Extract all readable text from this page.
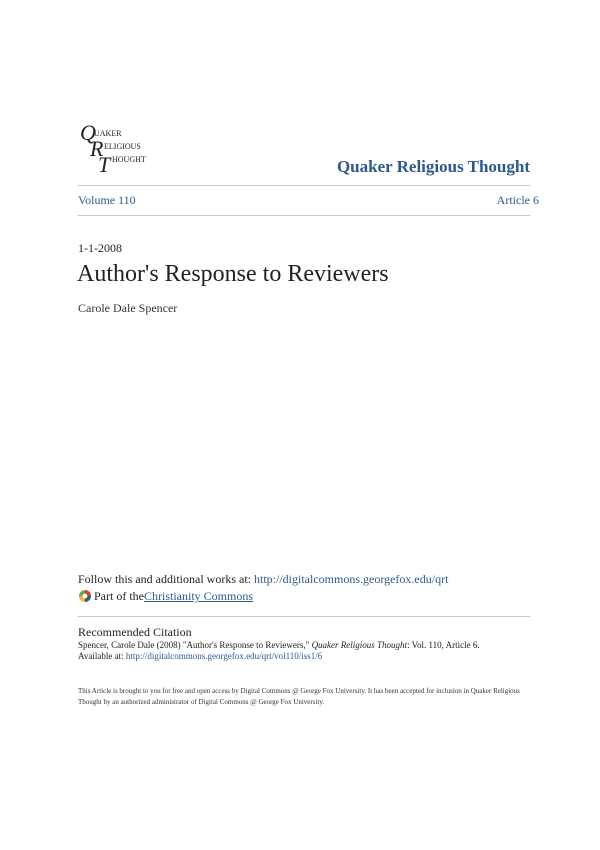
Q
UAKER
R ELIGIOUS
T HOUGHT	Quaker Religious Thought
Volume 110	Article 6
1-1-2008
Author's Response to Reviewers
Carole Dale Spencer
Follow this and additional works at: http://digitalcommons.georgefox.edu/qrt
Part of the Christianity Commons
Recommended Citation
Spencer, Carole Dale (2008) "Author's Response to Reviewers," Quaker Religious Thought: Vol. 110, Article 6.
Available at: http://digitalcommons.georgefox.edu/qrt/vol110/iss1/6
This Article is brought to you for free and open access by Digital Commons @ George Fox University. It has been accepted for inclusion in Quaker Religious Thought by an authorized administrator of Digital Commons @ George Fox University.
